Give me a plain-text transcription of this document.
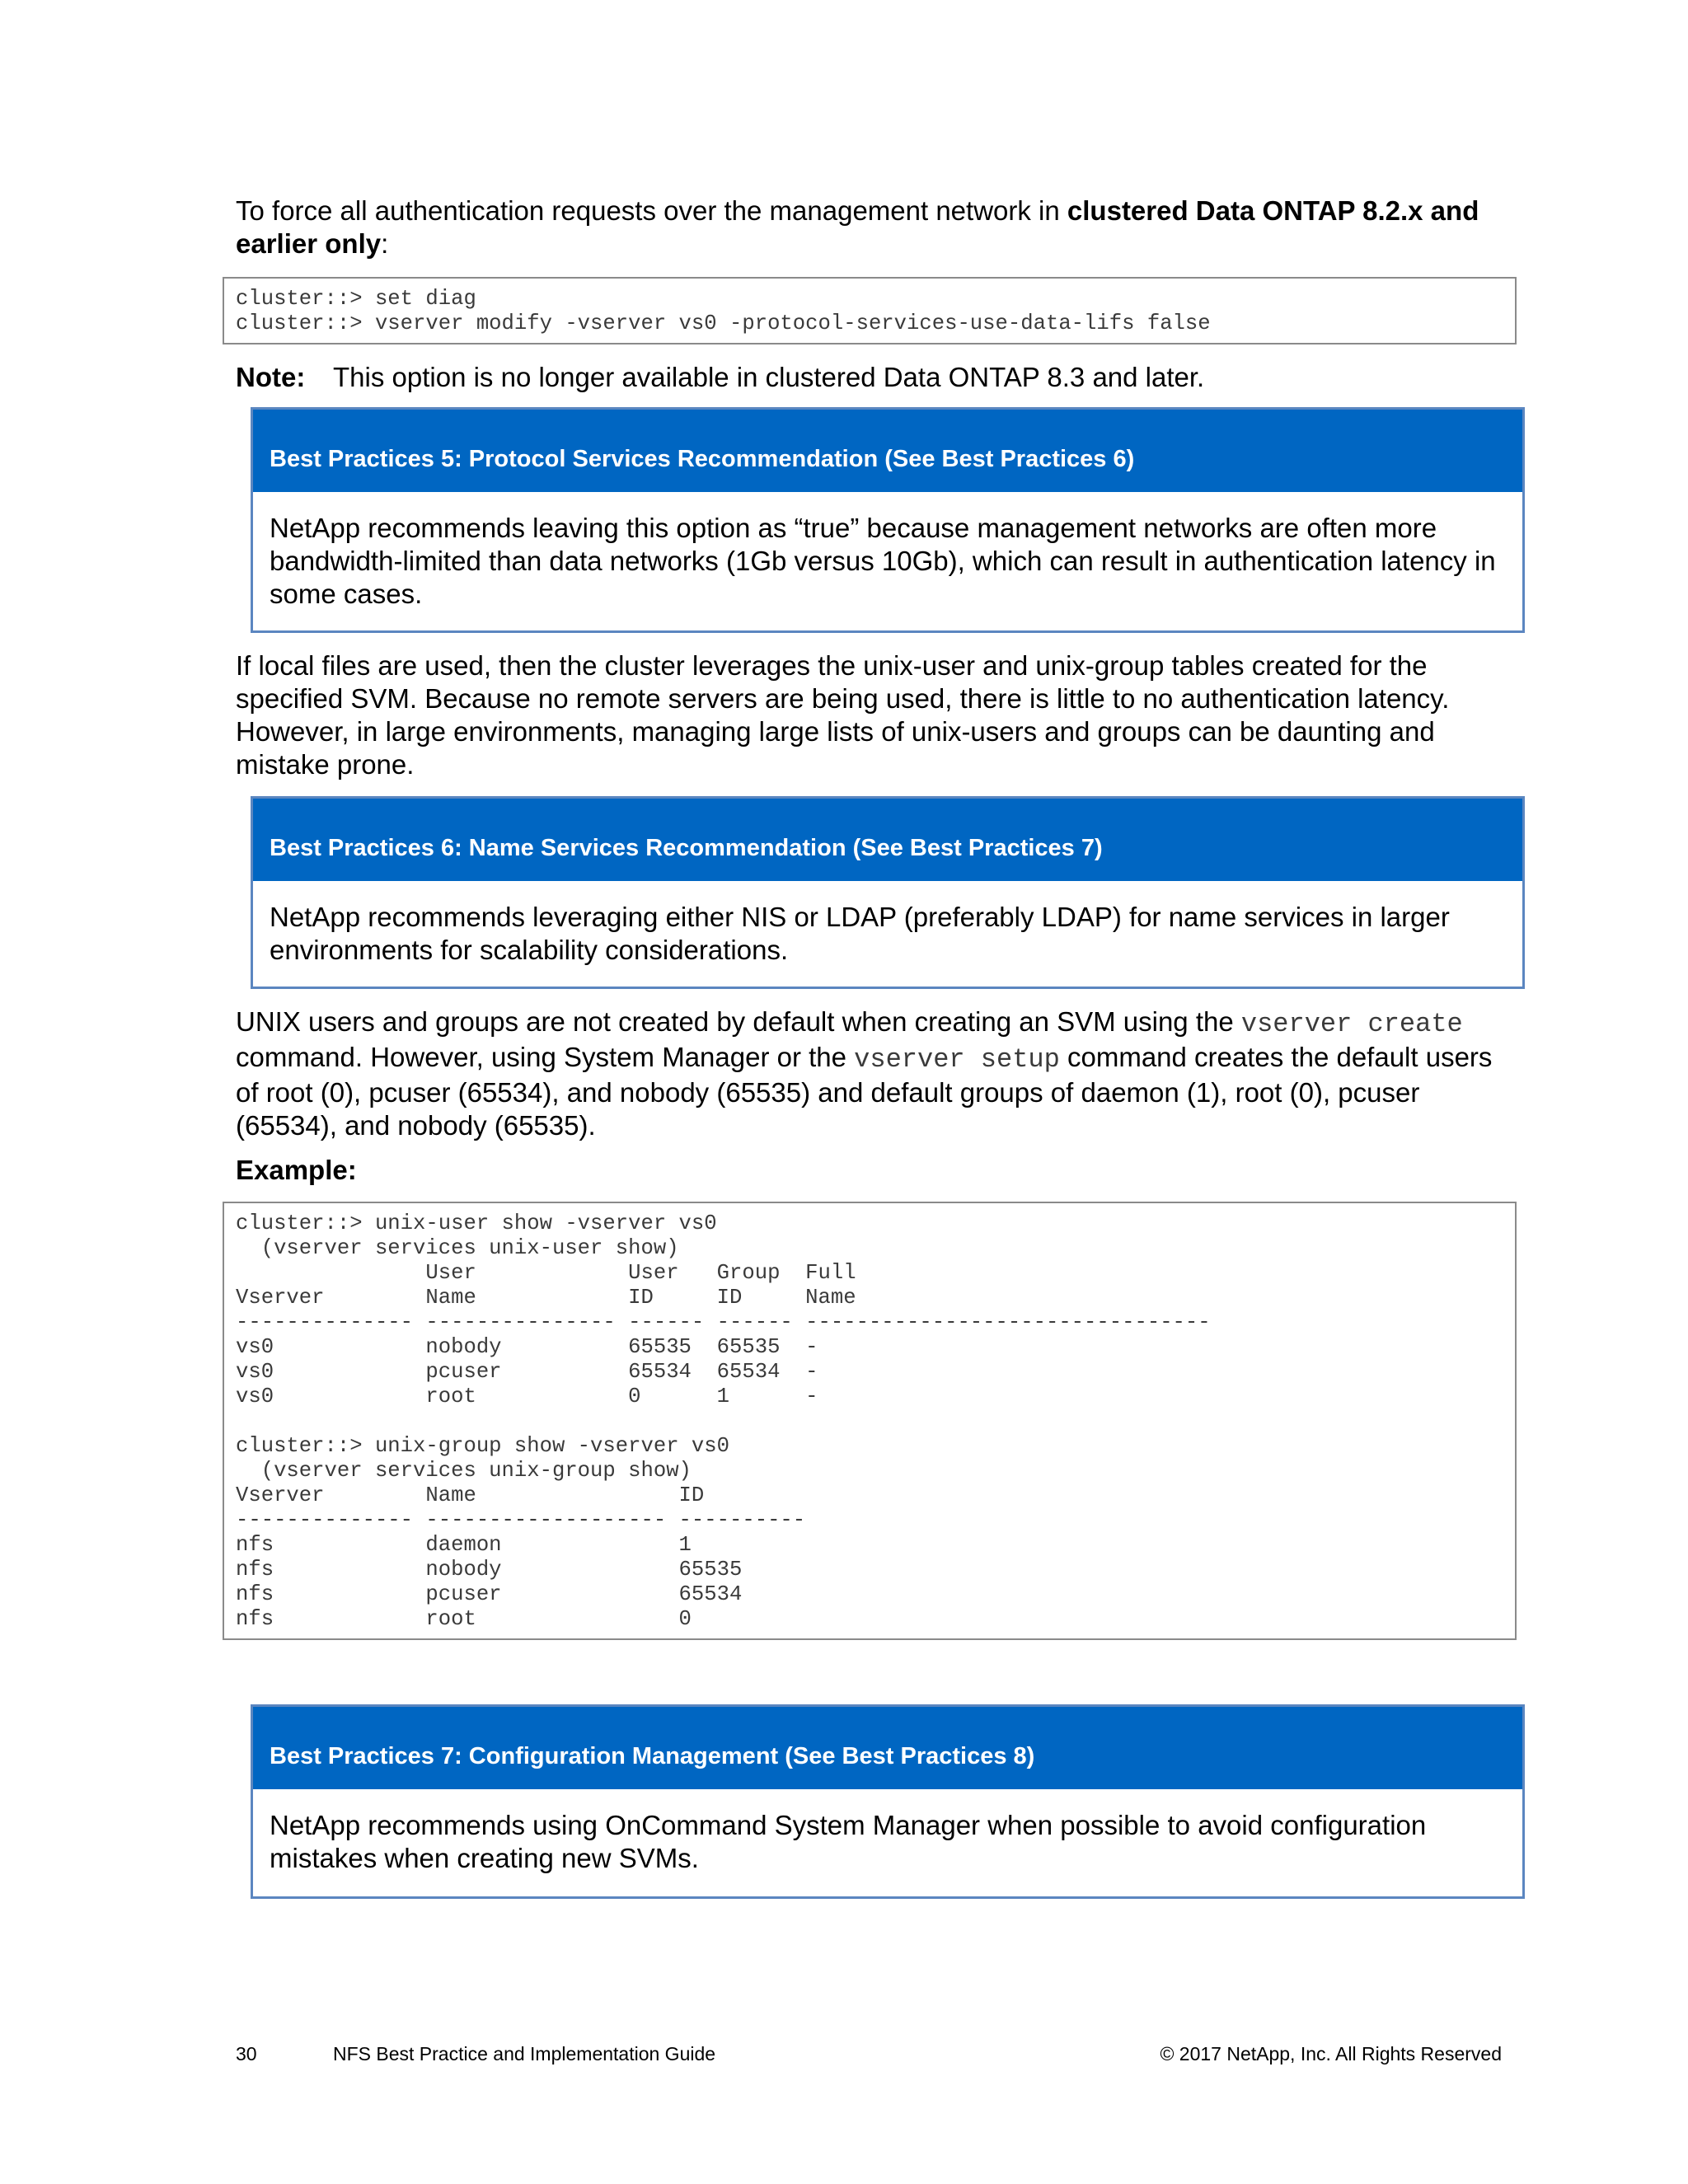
To force all authentication requests over the management network in clustered Data ONTAP 8.2.x and earlier only:

cluster::> set diag
cluster::> vserver modify -vserver vs0 -protocol-services-use-data-lifs false
Note: This option is no longer available in clustered Data ONTAP 8.3 and later.
Best Practices 5: Protocol Services Recommendation (See Best Practices 6)
NetApp recommends leaving this option as “true” because management networks are often more bandwidth-limited than data networks (1Gb versus 10Gb), which can result in authentication latency in some cases.

If local files are used, then the cluster leverages the unix-user and unix-group tables created for the specified SVM. Because no remote servers are being used, there is little to no authentication latency. However, in large environments, managing large lists of unix-users and groups can be daunting and mistake prone.

Best Practices 6: Name Services Recommendation (See Best Practices 7)
NetApp recommends leveraging either NIS or LDAP (preferably LDAP) for name services in larger environments for scalability considerations.

UNIX users and groups are not created by default when creating an SVM using the vserver create command. However, using System Manager or the vserver setup command creates the default users of root (0), pcuser (65534), and nobody (65535) and default groups of daemon (1), root (0), pcuser (65534), and nobody (65535).

Example:

cluster::> unix-user show -vserver vs0
(vserver services unix-user show)
User            User   Group  Full
Vserver        Name            ID     ID     Name
-------------- --------------- ------ ------ --------------------------------
vs0            nobody          65535  65535  -
vs0            pcuser          65534  65534  -
vs0            root            0      1      -
cluster::> unix-group show -vserver vs0
(vserver services unix-group show)
Vserver        Name                ID
-------------- ------------------- ----------
nfs            daemon              1
nfs            nobody              65535
nfs            pcuser              65534
nfs            root                0
Best Practices 7: Configuration Management (See Best Practices 8)
NetApp recommends using OnCommand System Manager when possible to avoid configuration mistakes when creating new SVMs.
30	NFS Best Practice and Implementation Guide	© 2017 NetApp, Inc. All Rights Reserved
